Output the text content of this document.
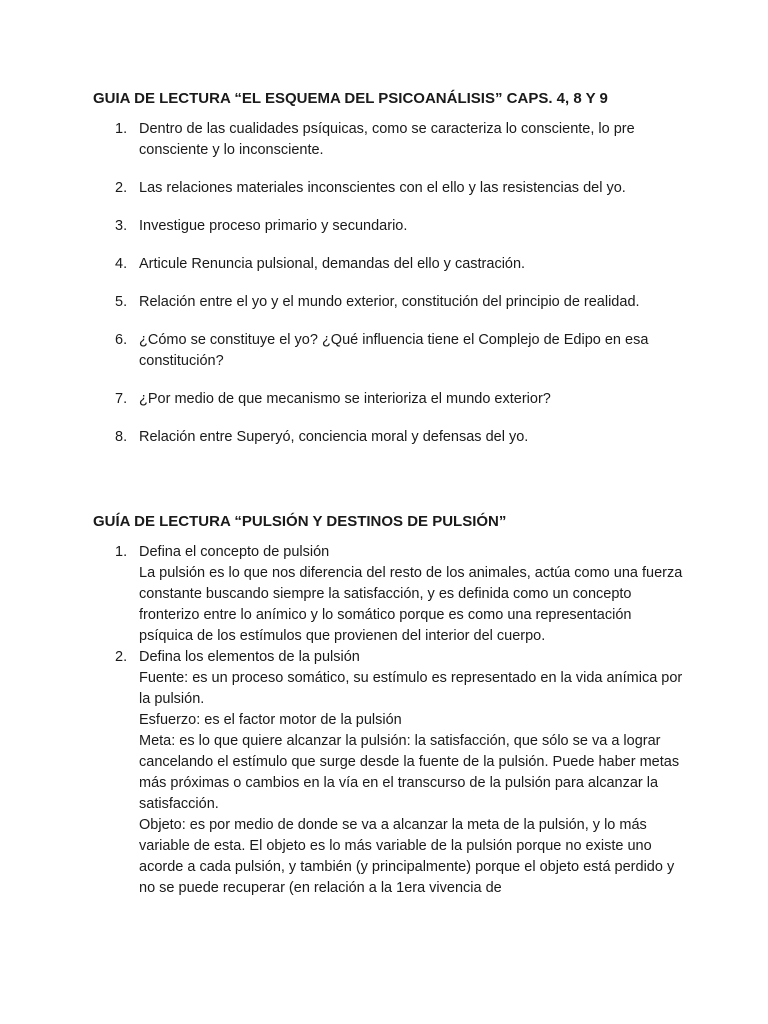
GUIA DE LECTURA “EL ESQUEMA DEL PSICOANÁLISIS” CAPS. 4, 8 Y 9
1. Dentro de las cualidades psíquicas, como se caracteriza lo consciente, lo pre consciente y lo inconsciente.
2. Las relaciones materiales inconscientes con el ello y las resistencias del yo.
3. Investigue proceso primario y secundario.
4. Articule Renuncia pulsional, demandas del ello y castración.
5. Relación entre el yo y el mundo exterior, constitución del principio de realidad.
6. ¿Cómo se constituye el yo? ¿Qué influencia tiene el Complejo de Edipo en esa constitución?
7. ¿Por medio de que mecanismo se interioriza el mundo exterior?
8. Relación entre Superyó, conciencia moral y defensas del yo.
GUÍA DE LECTURA “PULSIÓN Y DESTINOS DE PULSIÓN”
1. Defina el concepto de pulsión
La pulsión es lo que nos diferencia del resto de los animales, actúa como una fuerza constante buscando siempre la satisfacción, y es definida como un concepto fronterizo entre lo anímico y lo somático porque es como una representación psíquica de los estímulos que provienen del interior del cuerpo.
2. Defina los elementos de la pulsión
Fuente: es un proceso somático, su estímulo es representado en la vida anímica por la pulsión.
Esfuerzo: es el factor motor de la pulsión
Meta: es lo que quiere alcanzar la pulsión: la satisfacción, que sólo se va a lograr cancelando el estímulo que surge desde la fuente de la pulsión. Puede haber metas más próximas o cambios en la vía en el transcurso de la pulsión para alcanzar la satisfacción.
Objeto: es por medio de donde se va a alcanzar la meta de la pulsión, y lo más variable de esta. El objeto es lo más variable de la pulsión porque no existe uno acorde a cada pulsión, y también (y principalmente) porque el objeto está perdido y no se puede recuperar (en relación a la 1era vivencia de
